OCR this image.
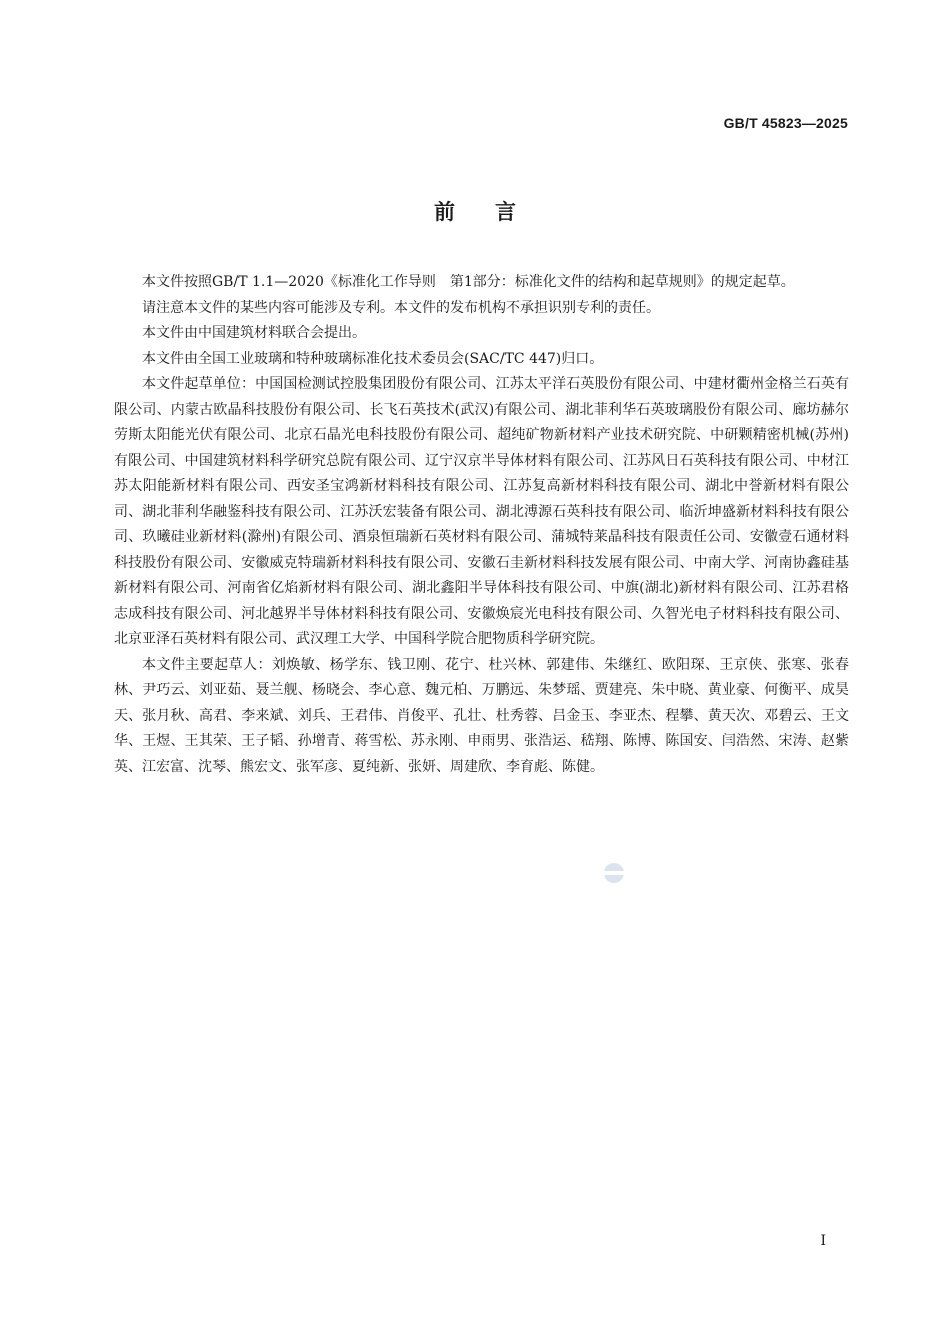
GB/T 45823—2025
前言

本文件按照GB/T 1.1—2020《标准化工作导则　第1部分：标准化文件的结构和起草规则》的规定起草。

请注意本文件的某些内容可能涉及专利。本文件的发布机构不承担识别专利的责任。

本文件由中国建筑材料联合会提出。

本文件由全国工业玻璃和特种玻璃标准化技术委员会(SAC/TC 447)归口。

本文件起草单位：中国国检测试控股集团股份有限公司、江苏太平洋石英股份有限公司、中建材衢州金格兰石英有限公司、内蒙古欧晶科技股份有限公司、长飞石英技术(武汉)有限公司、湖北菲利华石英玻璃股份有限公司、廊坊赫尔劳斯太阳能光伏有限公司、北京石晶光电科技股份有限公司、超纯矿物新材料产业技术研究院、中研颗精密机械(苏州)有限公司、中国建筑材料科学研究总院有限公司、辽宁汉京半导体材料有限公司、江苏风日石英科技有限公司、中材江苏太阳能新材料有限公司、西安圣宝鸿新材料科技有限公司、江苏复高新材料科技有限公司、湖北中誉新材料有限公司、湖北菲利华融鉴科技有限公司、江苏沃宏装备有限公司、湖北溥源石英科技有限公司、临沂坤盛新材料科技有限公司、玖曦硅业新材料(滁州)有限公司、酒泉恒瑞新石英材料有限公司、蒲城特莱晶科技有限责任公司、安徽壹石通材料科技股份有限公司、安徽威克特瑞新材料科技有限公司、安徽石圭新材料科技发展有限公司、中南大学、河南协鑫硅基新材料有限公司、河南省亿焰新材料有限公司、湖北鑫阳半导体科技有限公司、中旗(湖北)新材料有限公司、江苏君格志成科技有限公司、河北越界半导体材料科技有限公司、安徽焕宸光电科技有限公司、久智光电子材料科技有限公司、北京亚泽石英材料有限公司、武汉理工大学、中国科学院合肥物质科学研究院。

本文件主要起草人：刘焕敏、杨学东、钱卫刚、花宁、杜兴林、郭建伟、朱继红、欧阳琛、王京侠、张寒、张春林、尹巧云、刘亚茹、聂兰舰、杨晓会、李心意、魏元柏、万鹏远、朱梦瑶、贾建亮、朱中晓、黄业豪、何衡平、成昊天、张月秋、高君、李来斌、刘兵、王君伟、肖俊平、孔壮、杜秀蓉、吕金玉、李亚杰、程攀、黄天次、邓碧云、王文华、王煜、王其荣、王子韬、孙增青、蒋雪松、苏永刚、申雨男、张浩运、嵇翔、陈博、陈国安、闫浩然、宋涛、赵紫英、江宏富、沈琴、熊宏文、张军彦、夏纯新、张妍、周建欣、李育彪、陈健。

I
